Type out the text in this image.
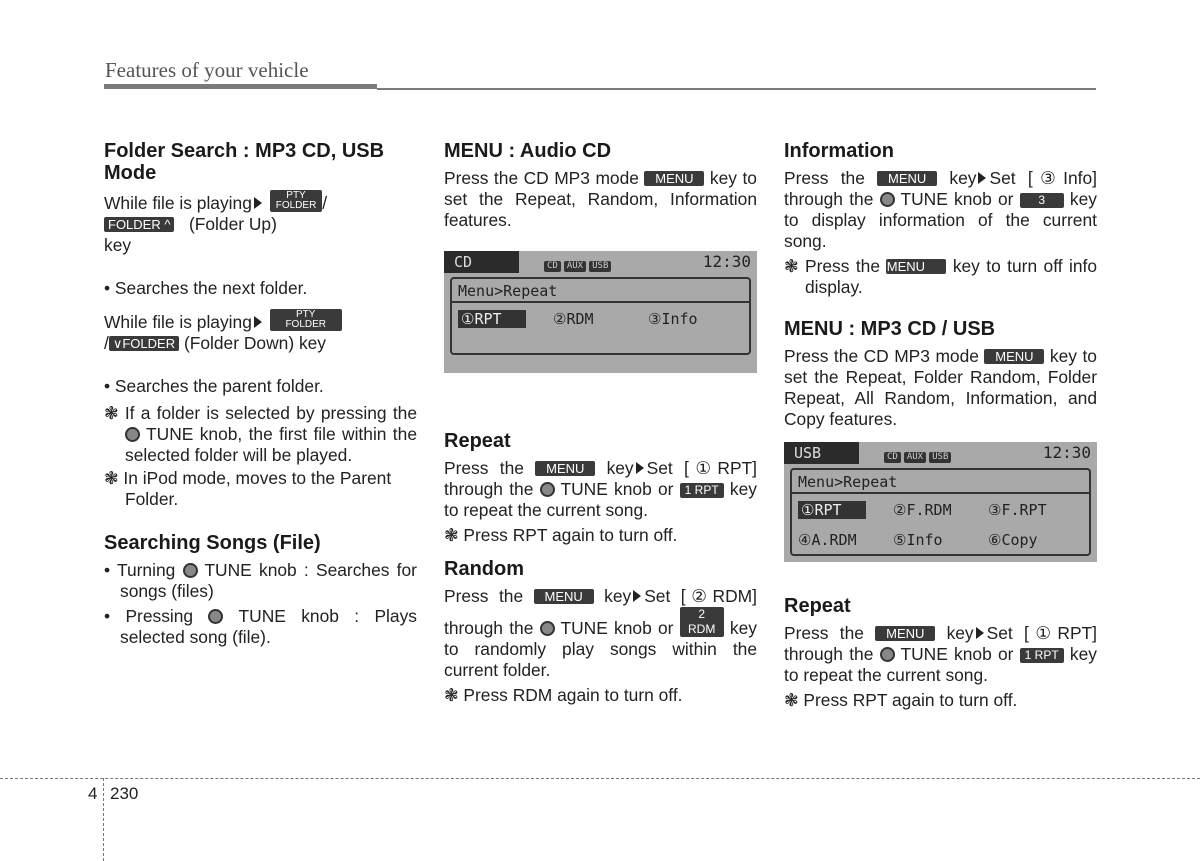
Features of your vehicle
Folder Search : MP3 CD, USB Mode

While file is playing	PTY
FOLDER /
FOLDER ^ (Folder Up)
key

• Searches the next folder.

While file is playing	PTY
FOLDER

/ ∨FOLDER (Folder Down) key

• Searches the parent folder.

❃ If a folder is selected by pressing the  TUNE knob, the first file within the selected folder will be played.

❃ In iPod mode, moves to the Parent Folder.

Searching Songs (File)

• Turning TUNE knob : Searches for songs (files)

• Pressing	TUNE knob : Plays selected song (file).

MENU : Audio CD

Press the CD MP3 mode MENU key to set the Repeat, Random, Information features.

CD	CD AUX USB	12:30
Menu>Repeat
①RPT	②RDM	③Info
Repeat

Press the MENU key Set [①RPT] through the TUNE knob or 1 RPT key to repeat the current song.

❃ Press RPT again to turn off.

Random

Press the MENU key Set [②RDM] through the TUNE knob or 2 RDM key to randomly play songs within the current folder.

❃ Press RDM again to turn off.

Information

Press the MENU key Set [③Info] through the TUNE knob or 3 key to display information of the current song.

❃ Press the MENU key to turn off info display.

MENU : MP3 CD / USB

Press the CD MP3 mode MENU key to set the Repeat, Folder Random, Folder Repeat, All Random, Information, and Copy features.

USB	CD AUX USB	12:30
Menu>Repeat
①RPT	②F.RDM	③F.RPT
④A.RDM	⑤Info	⑥Copy
Repeat

Press the MENU key Set [①RPT] through the TUNE knob or 1 RPT key to repeat the current song.

❃ Press RPT again to turn off.

4 230
